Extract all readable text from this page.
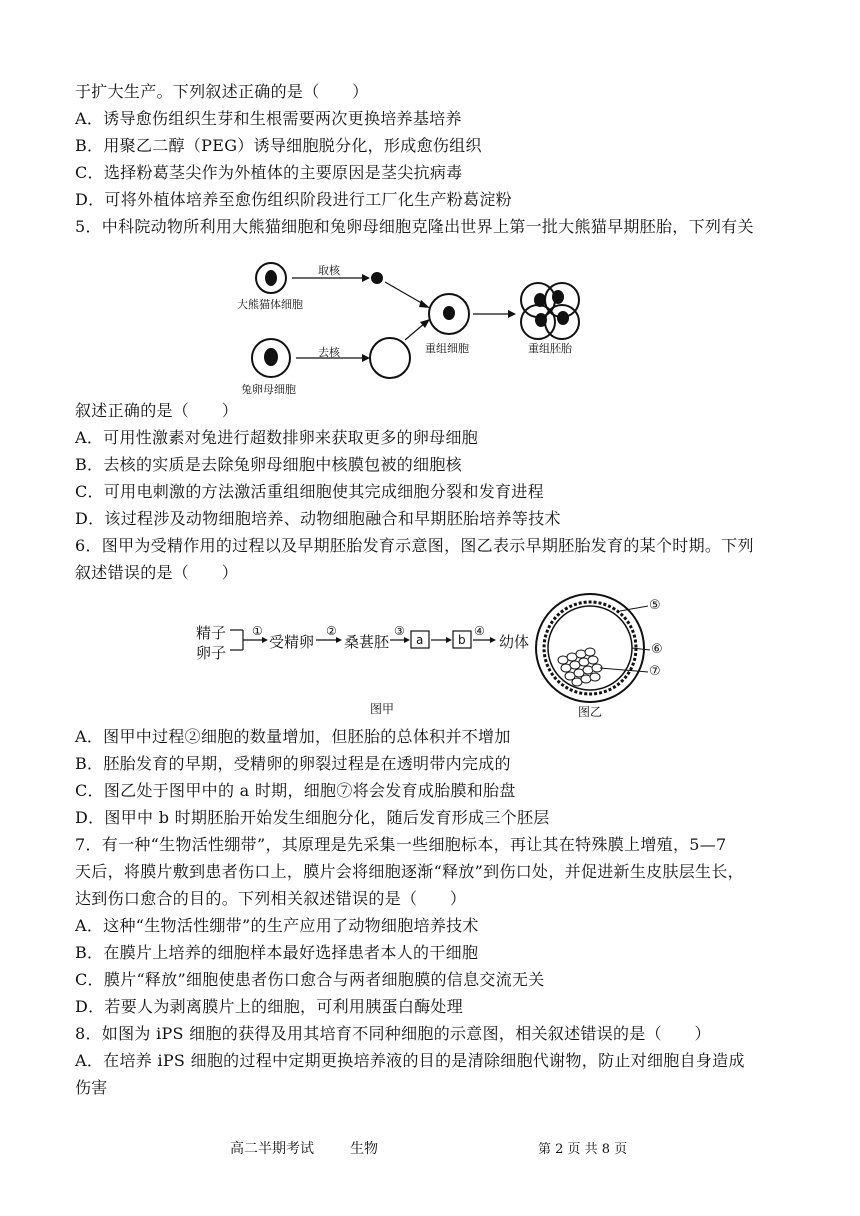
于扩大生产。下列叙述正确的是（　　）
A．诱导愈伤组织生芽和生根需要两次更换培养基培养
B．用聚乙二醇（PEG）诱导细胞脱分化，形成愈伤组织
C．选择粉葛茎尖作为外植体的主要原因是茎尖抗病毒
D．可将外植体培养至愈伤组织阶段进行工厂化生产粉葛淀粉
5．中科院动物所利用大熊猫细胞和兔卵母细胞克隆出世界上第一批大熊猫早期胚胎，下列有关
大熊猫体细胞
取核
兔卵母细胞
去核	重组细胞	重组胚胎
叙述正确的是（　　）
A．可用性激素对兔进行超数排卵来获取更多的卵母细胞
B．去核的实质是去除兔卵母细胞中核膜包被的细胞核
C．可用电刺激的方法激活重组细胞使其完成细胞分裂和发育进程
D．该过程涉及动物细胞培养、动物细胞融合和早期胚胎培养等技术
6．图甲为受精作用的过程以及早期胚胎发育示意图，图乙表示早期胚胎发育的某个时期。下列
叙述错误的是（　　）
精子
卵子
①
受精卵
②
桑葚胚
③
a	b
④
幼体
⑤
⑥
⑦
图甲	图乙
A．图甲中过程②细胞的数量增加，但胚胎的总体积并不增加
B．胚胎发育的早期，受精卵的卵裂过程是在透明带内完成的
C．图乙处于图甲中的 a 时期，细胞⑦将会发育成胎膜和胎盘
D．图甲中 b 时期胚胎开始发生细胞分化，随后发育形成三个胚层
7．有一种“生物活性绷带”，其原理是先采集一些细胞标本，再让其在特殊膜上增殖，5—7
天后，将膜片敷到患者伤口上，膜片会将细胞逐渐“释放”到伤口处，并促进新生皮肤层生长，
达到伤口愈合的目的。下列相关叙述错误的是（　　）
A．这种“生物活性绷带”的生产应用了动物细胞培养技术
B．在膜片上培养的细胞样本最好选择患者本人的干细胞
C．膜片“释放”细胞使患者伤口愈合与两者细胞膜的信息交流无关
D．若要人为剥离膜片上的细胞，可利用胰蛋白酶处理
8．如图为 iPS 细胞的获得及用其培育不同种细胞的示意图，相关叙述错误的是（　　）
A．在培养 iPS 细胞的过程中定期更换培养液的目的是清除细胞代谢物，防止对细胞自身造成
伤害
高二半期考试	生物	第 2 页 共 8 页
